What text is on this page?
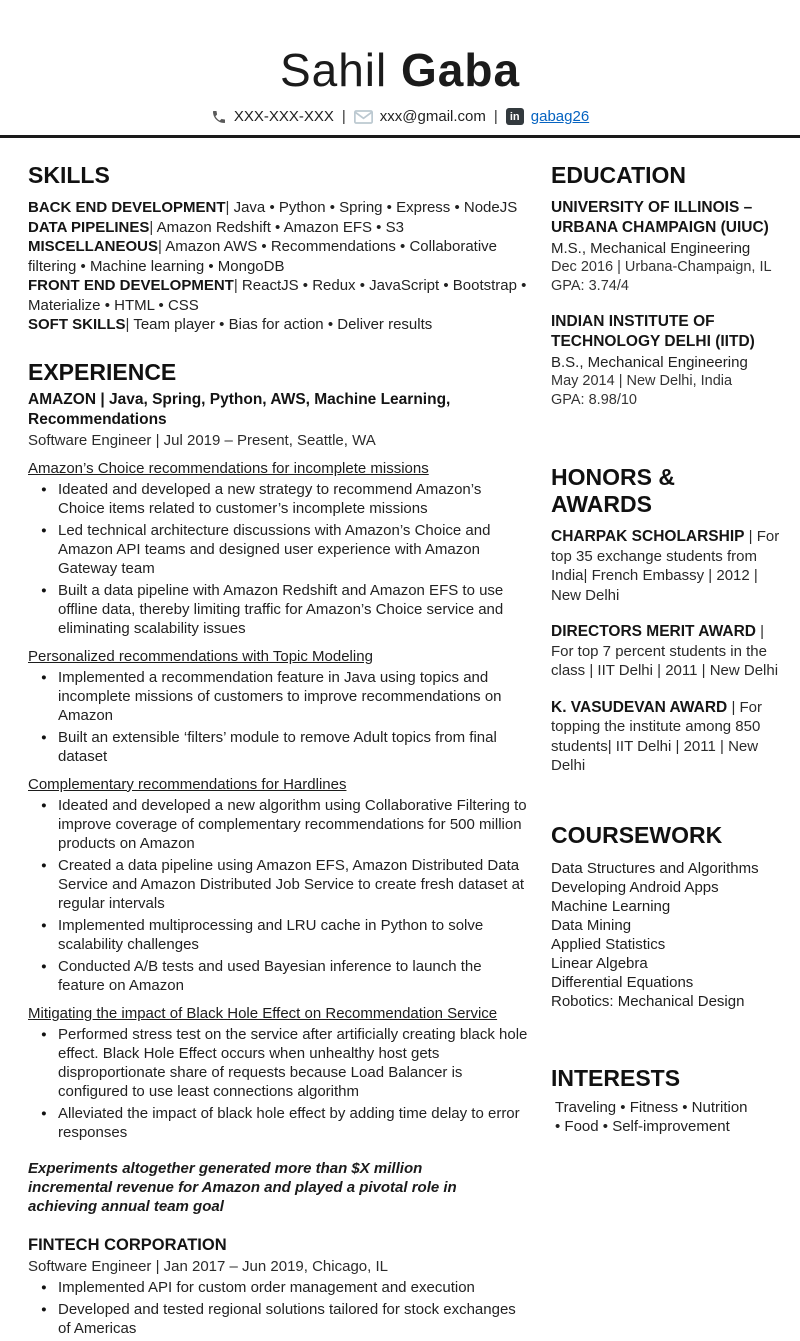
Sahil Gaba
XXX-XXX-XXX | xxx@gmail.com |	in gabag26
SKILLS

BACK END DEVELOPMENT| Java • Python • Spring • Express • NodeJS

DATA PIPELINES| Amazon Redshift • Amazon EFS • S3

MISCELLANEOUS| Amazon AWS • Recommendations • Collaborative filtering • Machine learning • MongoDB

FRONT END DEVELOPMENT| ReactJS • Redux • JavaScript • Bootstrap • Materialize • HTML • CSS

SOFT SKILLS| Team player • Bias for action • Deliver results

EXPERIENCE

AMAZON | Java, Spring, Python, AWS, Machine Learning, Recommendations

Software Engineer | Jul 2019 – Present, Seattle, WA

Amazon’s Choice recommendations for incomplete missions

● Ideated and developed a new strategy to recommend Amazon’s Choice items related to customer’s incomplete missions
● Led technical architecture discussions with Amazon’s Choice and Amazon API teams and designed user experience with Amazon Gateway team
● Built a data pipeline with Amazon Redshift and Amazon EFS to use offline data, thereby limiting traffic for Amazon’s Choice service and eliminating scalability issues

Personalized recommendations with Topic Modeling

● Implemented a recommendation feature in Java using topics and incomplete missions of customers to improve recommendations on Amazon
● Built an extensible ‘filters’ module to remove Adult topics from final dataset

Complementary recommendations for Hardlines

● Ideated and developed a new algorithm using Collaborative Filtering to improve coverage of complementary recommendations for 500 million products on Amazon
● Created a data pipeline using Amazon EFS, Amazon Distributed Data Service and Amazon Distributed Job Service to create fresh dataset at regular intervals
● Implemented multiprocessing and LRU cache in Python to solve scalability challenges
● Conducted A/B tests and used Bayesian inference to launch the feature on Amazon

Mitigating the impact of Black Hole Effect on Recommendation Service

● Performed stress test on the service after artificially creating black hole effect. Black Hole Effect occurs when unhealthy host gets disproportionate share of requests because Load Balancer is configured to use least connections algorithm
● Alleviated the impact of black hole effect by adding time delay to error responses

Experiments altogether generated more than $X million incremental revenue for Amazon and played a pivotal role in achieving annual team goal

FINTECH CORPORATION

Software Engineer | Jan 2017 – Jun 2019, Chicago, IL

● Implemented API for custom order management and execution
● Developed and tested regional solutions tailored for stock exchanges of Americas
EDUCATION

UNIVERSITY OF ILLINOIS – URBANA CHAMPAIGN (UIUC)

M.S., Mechanical Engineering

Dec 2016 | Urbana-Champaign, IL

GPA: 3.74/4

INDIAN INSTITUTE OF TECHNOLOGY DELHI (IITD)

B.S., Mechanical Engineering

May 2014 | New Delhi, India

GPA: 8.98/10

HONORS & AWARDS

CHARPAK SCHOLARSHIP | For top 35 exchange students from India| French Embassy | 2012 | New Delhi

DIRECTORS MERIT AWARD | For top 7 percent students in the class | IIT Delhi | 2011 | New Delhi

K. VASUDEVAN AWARD | For topping the institute among 850 students| IIT Delhi | 2011 | New Delhi

COURSEWORK

Data Structures and Algorithms

Developing Android Apps

Machine Learning

Data Mining

Applied Statistics

Linear Algebra

Differential Equations

Robotics: Mechanical Design

INTERESTS

Traveling • Fitness • Nutrition • Food • Self-improvement
